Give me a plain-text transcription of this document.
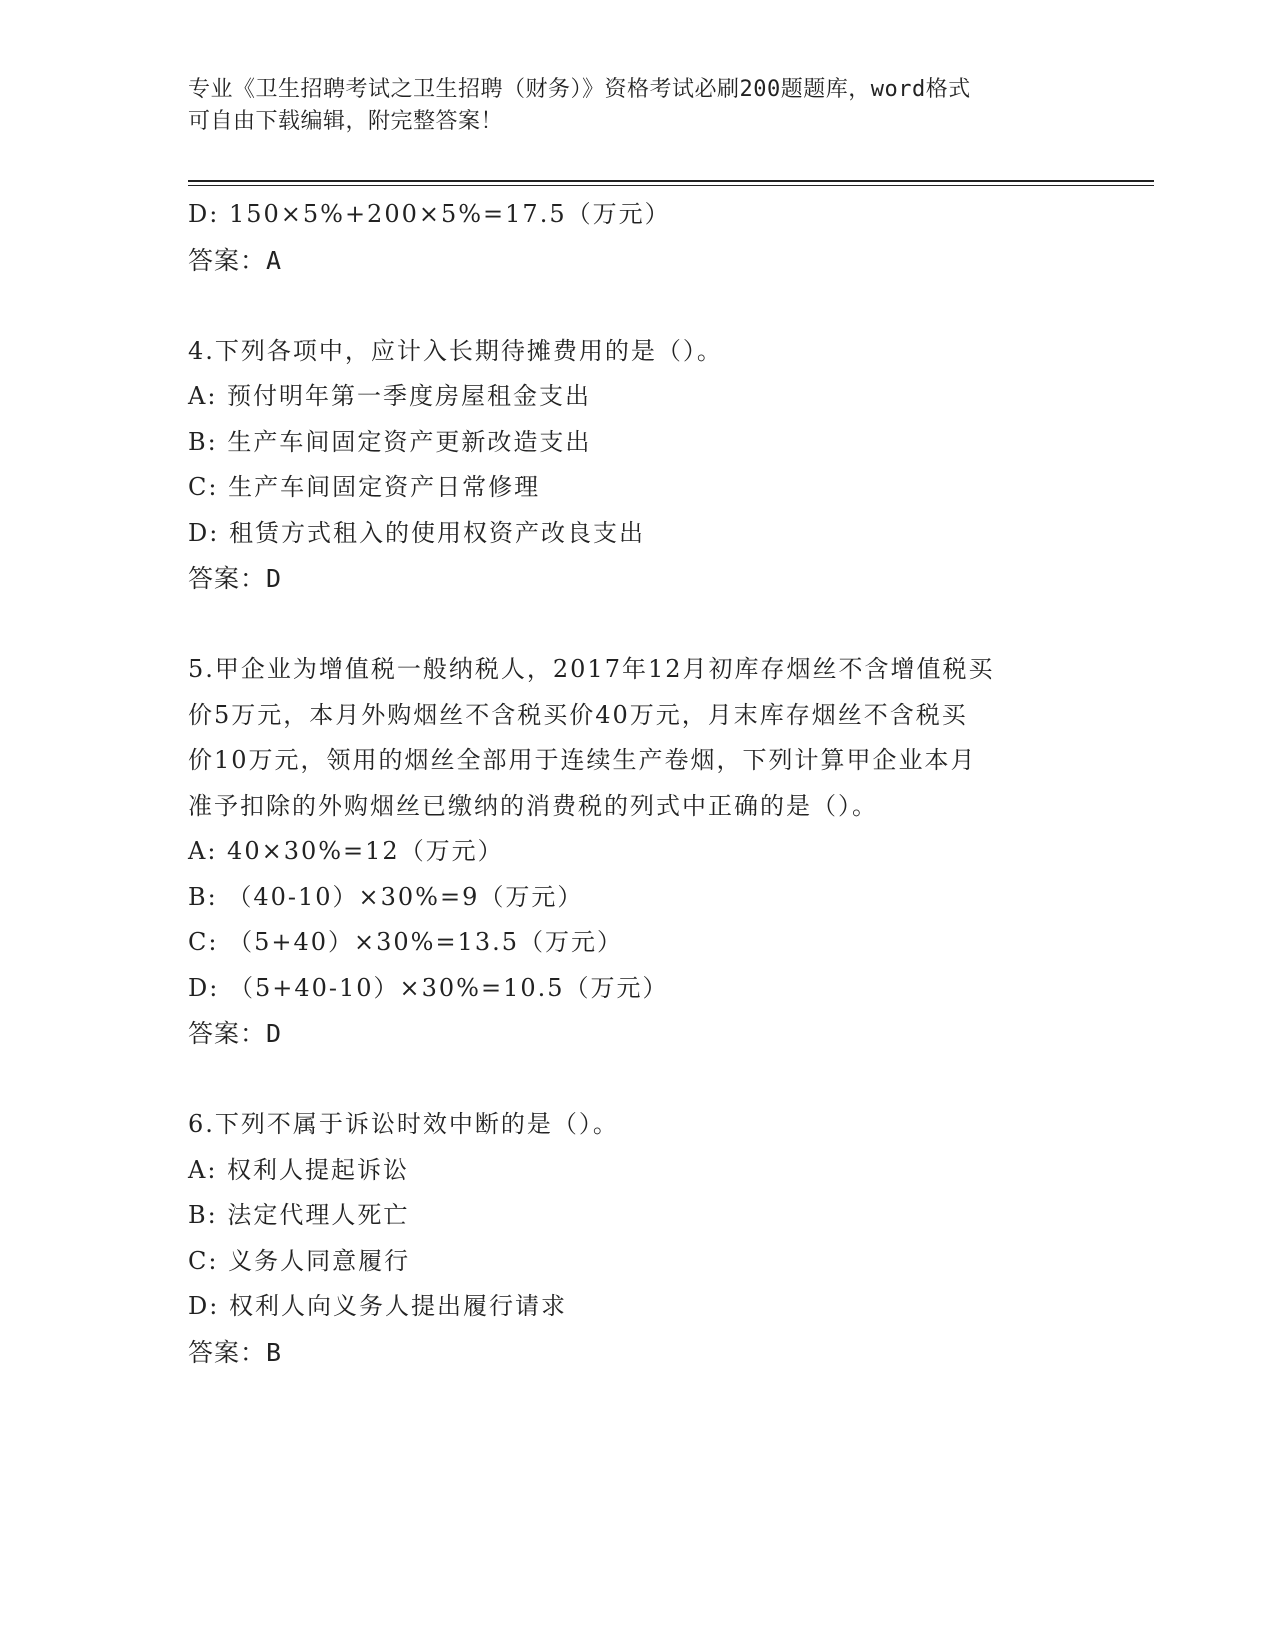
专业《卫生招聘考试之卫生招聘（财务）》资格考试必刷200题题库，word格式
可自由下载编辑，附完整答案！
D: 150×5%+200×5%=17.5（万元）
答案：A
4.下列各项中，应计入长期待摊费用的是（）。
A: 预付明年第一季度房屋租金支出
B: 生产车间固定资产更新改造支出
C: 生产车间固定资产日常修理
D: 租赁方式租入的使用权资产改良支出
答案：D
5.甲企业为增值税一般纳税人，2017年12月初库存烟丝不含增值税买
价5万元，本月外购烟丝不含税买价40万元，月末库存烟丝不含税买
价10万元，领用的烟丝全部用于连续生产卷烟，下列计算甲企业本月
准予扣除的外购烟丝已缴纳的消费税的列式中正确的是（）。
A: 40×30%=12（万元）
B: （40-10）×30%=9（万元）
C: （5+40）×30%=13.5（万元）
D: （5+40-10）×30%=10.5（万元）
答案：D
6.下列不属于诉讼时效中断的是（）。
A: 权利人提起诉讼
B: 法定代理人死亡
C: 义务人同意履行
D: 权利人向义务人提出履行请求
答案：B
